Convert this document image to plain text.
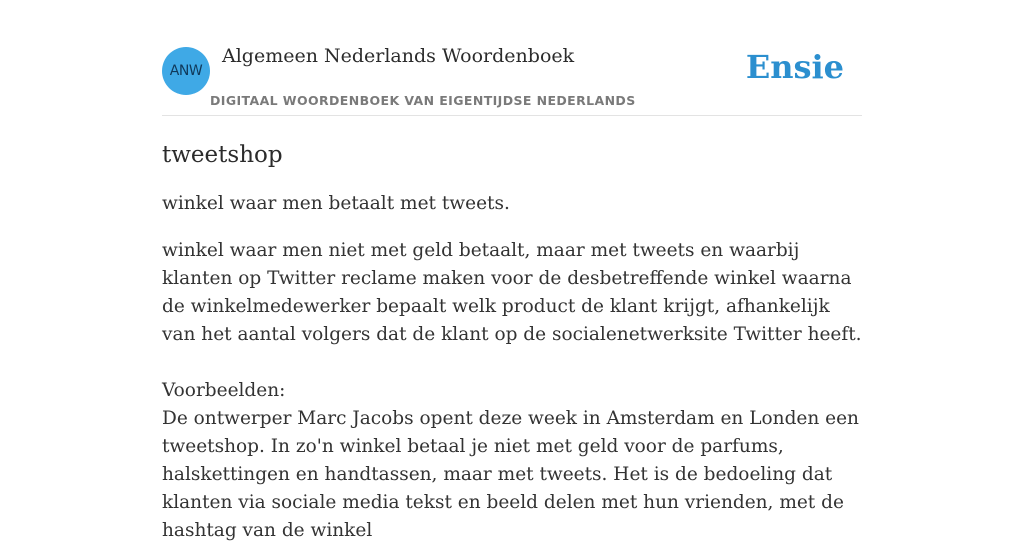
ANW
Algemeen Nederlands Woordenboek
DIGITAAL WOORDENBOEK VAN EIGENTIJDSE NEDERLANDS
Ensie
tweetshop

winkel waar men betaalt met tweets.

winkel waar men niet met geld betaalt, maar met tweets en waarbij klanten op Twitter reclame maken voor de desbetreffende winkel waarna de winkelmedewerker bepaalt welk product de klant krijgt, afhankelijk van het aantal volgers dat de klant op de socialenetwerksite Twitter heeft.

Voorbeelden:

De ontwerper Marc Jacobs opent deze week in Amsterdam en Londen een tweetshop. In zo'n winkel betaal je niet met geld voor de parfums, halskettingen en handtassen, maar met tweets. Het is de bedoeling dat klanten via sociale media tekst en beeld delen met hun vrienden, met de hashtag van de winkel
